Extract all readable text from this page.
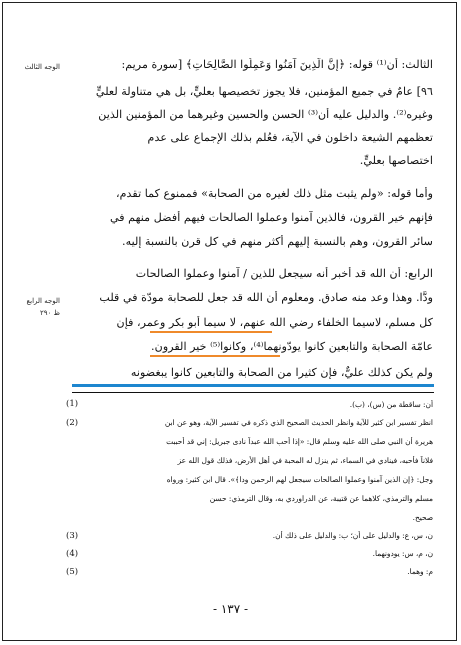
الوجه الثالث
الوجه الرابع
ظ ٢٩٠
الثالث: أن⁽¹⁾ قوله: ﴿إِنَّ الَّذِينَ آمَنُوا وَعَمِلُوا الصَّالِحَاتِ﴾ [سورة مريم:
٩٦] عامٌ في جميع المؤمنين، فلا يجوز تخصيصها بعليٍّ، بل هي متناولة لعليٍّ
وغيره⁽²⁾. والدليل عليه أن⁽³⁾ الحسن والحسين وغيرهما من المؤمنين الذين
تعظمهم الشيعة داخلون في الآية، فعُلم بذلك الإجماع على عدم
اختصاصها بعليٍّ.
وأما قوله: «ولم يثبت مثل ذلك لغيره من الصحابة» فممنوع كما تقدم،
فإنهم خير القرون، فالذين آمنوا وعملوا الصالحات فيهم أفضل منهم في
سائر القرون، وهم بالنسبة إليهم أكثر منهم في كل قرن بالنسبة إليه.
الرابع: أن الله قد أخبر أنه سيجعل للذين / آمنوا وعملوا الصالحات
ودًّا. وهذا وعد منه صادق. ومعلوم أن الله قد جعل للصحابة مودّة في قلب
كل مسلم، لاسيما الخلفاء رضي الله عنهم، لا سيما أبو بكر وعمر، فإن
عامّة الصحابة والتابعين كانوا يودّونهما⁽⁴⁾، وكانوا⁽⁵⁾ خير القرون.
ولم يكن كذلك عليٌّ، فإن كثيرا من الصحابة والتابعين كانوا يبغضونه
(1)	أن: ساقطة من (س)، (ب).
(2)	انظر تفسير ابن كثير للآية وانظر الحديث الصحيح الذي ذكره في تفسير الآية، وهو عن ابن
هريرة أن النبي صلى الله عليه وسلم قال: «إذا أحب الله عبداً نادى جبريل: إني قد أحببت
فلاناً فأحبه، فينادي في السماء، ثم ينزل له المحبة في أهل الأرض، فذلك قول الله عز
وجل: ﴿إن الذين آمنوا وعملوا الصالحات سيجعل لهم الرحمن ودا﴾». قال ابن كثير: ورواه
مسلم والترمذي، كلاهما عن قتيبة، عن الدراوردي به، وقال الترمذي: حسن
صحيح.
(3)	ن، س، ع: والدليل على أن؛ ب: والدليل على ذلك أن.
(4)	ن، م، س: يودونهما.
(5)	م: وهما.
- ١٣٧ -
